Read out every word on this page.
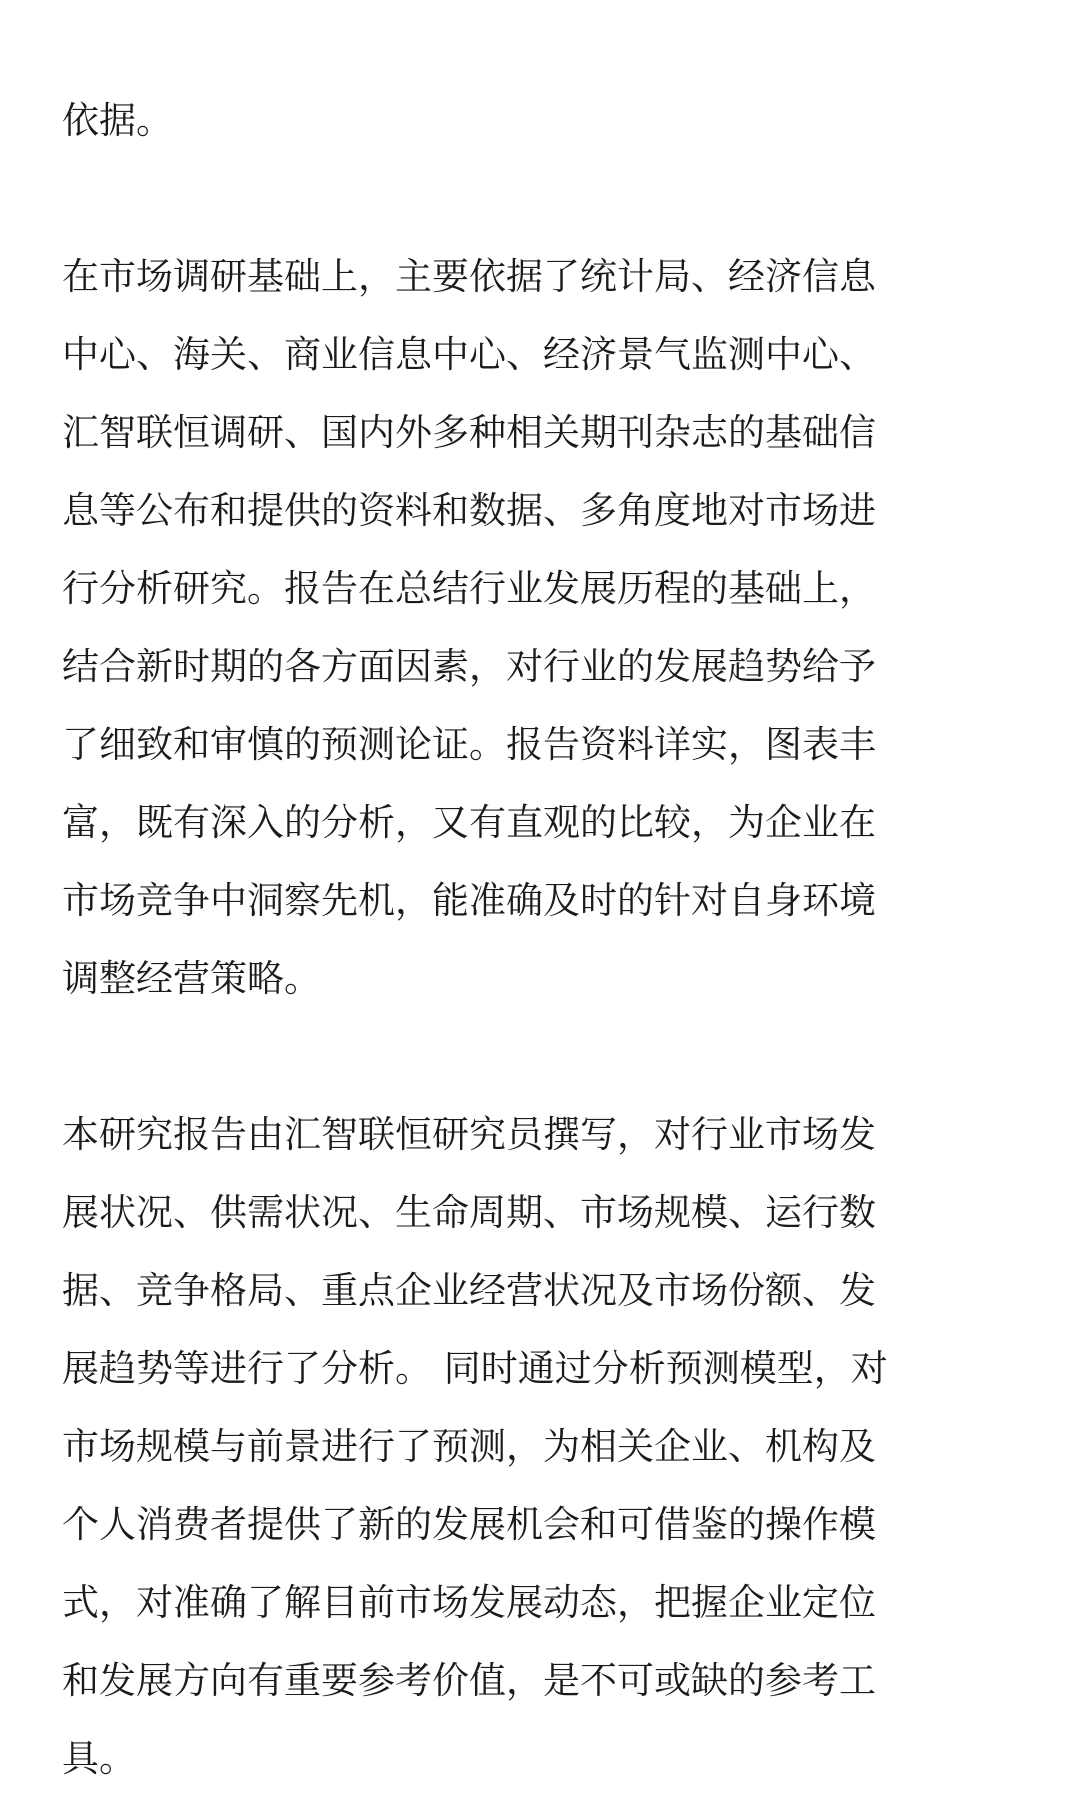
依据。
在市场调研基础上，主要依据了统计局、经济信息
中心、海关、商业信息中心、经济景气监测中心、
汇智联恒调研、国内外多种相关期刊杂志的基础信
息等公布和提供的资料和数据、多角度地对市场进
行分析研究。报告在总结行业发展历程的基础上，
结合新时期的各方面因素，对行业的发展趋势给予
了细致和审慎的预测论证。报告资料详实，图表丰
富，既有深入的分析，又有直观的比较，为企业在
市场竞争中洞察先机，能准确及时的针对自身环境
调整经营策略。
本研究报告由汇智联恒研究员撰写，对行业市场发
展状况、供需状况、生命周期、市场规模、运行数
据、竞争格局、重点企业经营状况及市场份额、发
展趋势等进行了分析。 同时通过分析预测模型，对
市场规模与前景进行了预测，为相关企业、机构及
个人消费者提供了新的发展机会和可借鉴的操作模
式，对准确了解目前市场发展动态，把握企业定位
和发展方向有重要参考价值，是不可或缺的参考工
具。
